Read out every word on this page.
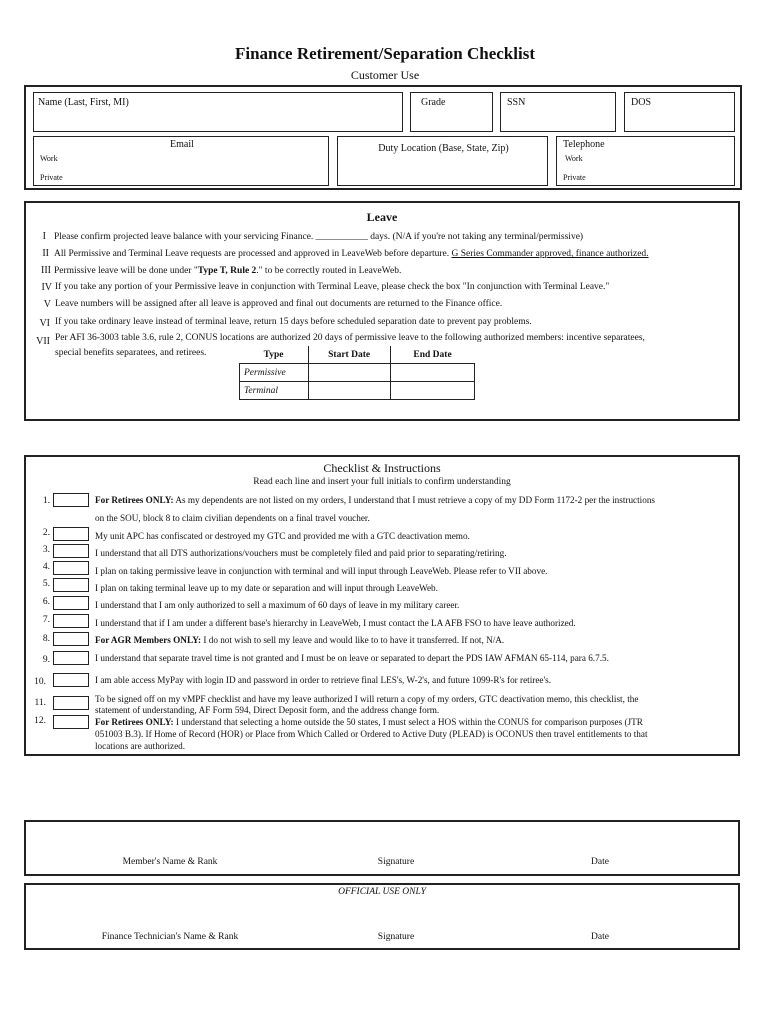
Finance Retirement/Separation Checklist
Customer Use
Name (Last, First, MI)	Grade	SSN	DOS
Email
Work
Private
Duty Location (Base, State, Zip)	Telephone
Work
Private
Leave
I Please confirm projected leave balance with your servicing Finance. ___________ days. (N/A if you're not taking any terminal/permissive)
II All Permissive and Terminal Leave requests are processed and approved in LeaveWeb before departure. G Series Commander approved, finance authorized.
III Permissive leave will be done under "Type T, Rule 2." to be correctly routed in LeaveWeb.
IV If you take any portion of your Permissive leave in conjunction with Terminal Leave, please check the box "In conjunction with Terminal Leave."
V Leave numbers will be assigned after all leave is approved and final out documents are returned to the Finance office.
VI If you take ordinary leave instead of terminal leave, return 15 days before scheduled separation date to prevent pay problems.
VII Per AFI 36-3003 table 3.6, rule 2, CONUS locations are authorized 20 days of permissive leave to the following authorized members: incentive separatees,
special benefits separatees, and retirees.	Type	Start Date	End Date
Permissive		
Terminal		
Checklist & Instructions
Read each line and insert your full initials to confirm understanding
1.	For Retirees ONLY: As my dependents are not listed on my orders, I understand that I must retrieve a copy of my DD Form 1172-2 per the instructions
on the SOU, block 8 to claim civilian dependents on a final travel voucher.
2.	My unit APC has confiscated or destroyed my GTC and provided me with a GTC deactivation memo.
3.	I understand that all DTS authorizations/vouchers must be completely filed and paid prior to separating/retiring.
4.	I plan on taking permissive leave in conjunction with terminal and will input through LeaveWeb. Please refer to VII above.
5.	I plan on taking terminal leave up to my date or separation and will input through LeaveWeb.
6.	I understand that I am only authorized to sell a maximum of 60 days of leave in my military career.
7.	I understand that if I am under a different base's hierarchy in LeaveWeb, I must contact the LA AFB FSO to have leave authorized.
8.	For AGR Members ONLY: I do not wish to sell my leave and would like to to have it transferred. If not, N/A.
9.	I understand that separate travel time is not granted and I must be on leave or separated to depart the PDS IAW AFMAN 65-114, para 6.7.5.
10.	I am able access MyPay with login ID and password in order to retrieve final LES's, W-2's, and future 1099-R's for retiree's.
11.	To be signed off on my vMPF checklist and have my leave authorized I will return a copy of my orders, GTC deactivation memo, this checklist, the
statement of understanding, AF Form 594, Direct Deposit form, and the address change form.
12.	For Retirees ONLY: I understand that selecting a home outside the 50 states, I must select a HOS within the CONUS for comparison purposes (JTR
051003 B.3). If Home of Record (HOR) or Place from Which Called or Ordered to Active Duty (PLEAD) is OCONUS then travel entitlements to that
locations are authorized.
Member's Name & Rank	Signature	Date
OFFICIAL USE ONLY
Finance Technician's Name & Rank	Signature	Date
